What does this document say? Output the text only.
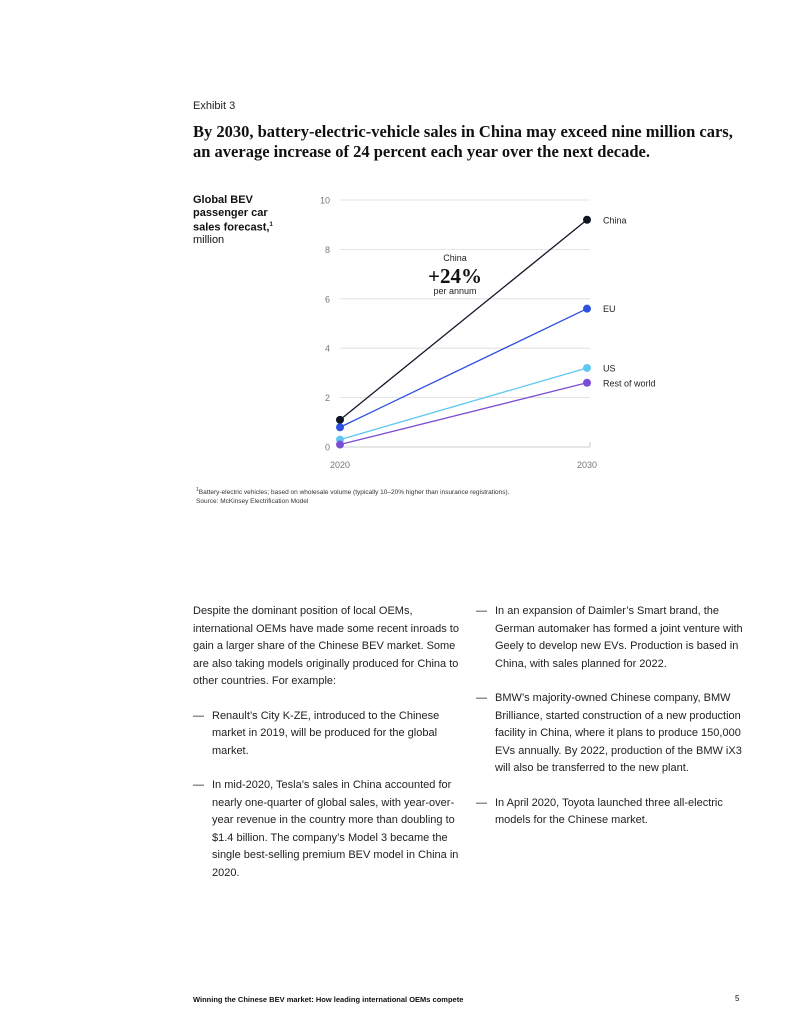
Exhibit 3
By 2030, battery-electric-vehicle sales in China may exceed nine million cars, an average increase of 24 percent each year over the next decade.
Global BEV passenger car sales forecast,$^1$
million
0
2
4
6
8
10
2020	2030
China
EU
US
Rest of world
China
+24%
per annum
$^1$Battery-electric vehicles; based on wholesale volume (typically 10–20% higher than insurance registrations).
Source: McKinsey Electrification Model

Despite the dominant position of local OEMs, international OEMs have made some recent inroads to gain a larger share of the Chinese BEV market. Some are also taking models originally produced for China to other countries. For example:

— Renault’s City K-ZE, introduced to the Chinese market in 2019, will be produced for the global market.
— In mid-2020, Tesla’s sales in China accounted for nearly one-quarter of global sales, with year-over-year revenue in the country more than doubling to $1.4 billion. The company’s Model 3 became the single best-selling premium BEV model in China in 2020.
— In an expansion of Daimler’s Smart brand, the German automaker has formed a joint venture with Geely to develop new EVs. Production is based in China, with sales planned for 2022.
— BMW’s majority-owned Chinese company, BMW Brilliance, started construction of a new production facility in China, where it plans to produce 150,000 EVs annually. By 2022, production of the BMW iX3 will also be transferred to the new plant.
— In April 2020, Toyota launched three all-electric models for the Chinese market.
Winning the Chinese BEV market: How leading international OEMs compete	5
